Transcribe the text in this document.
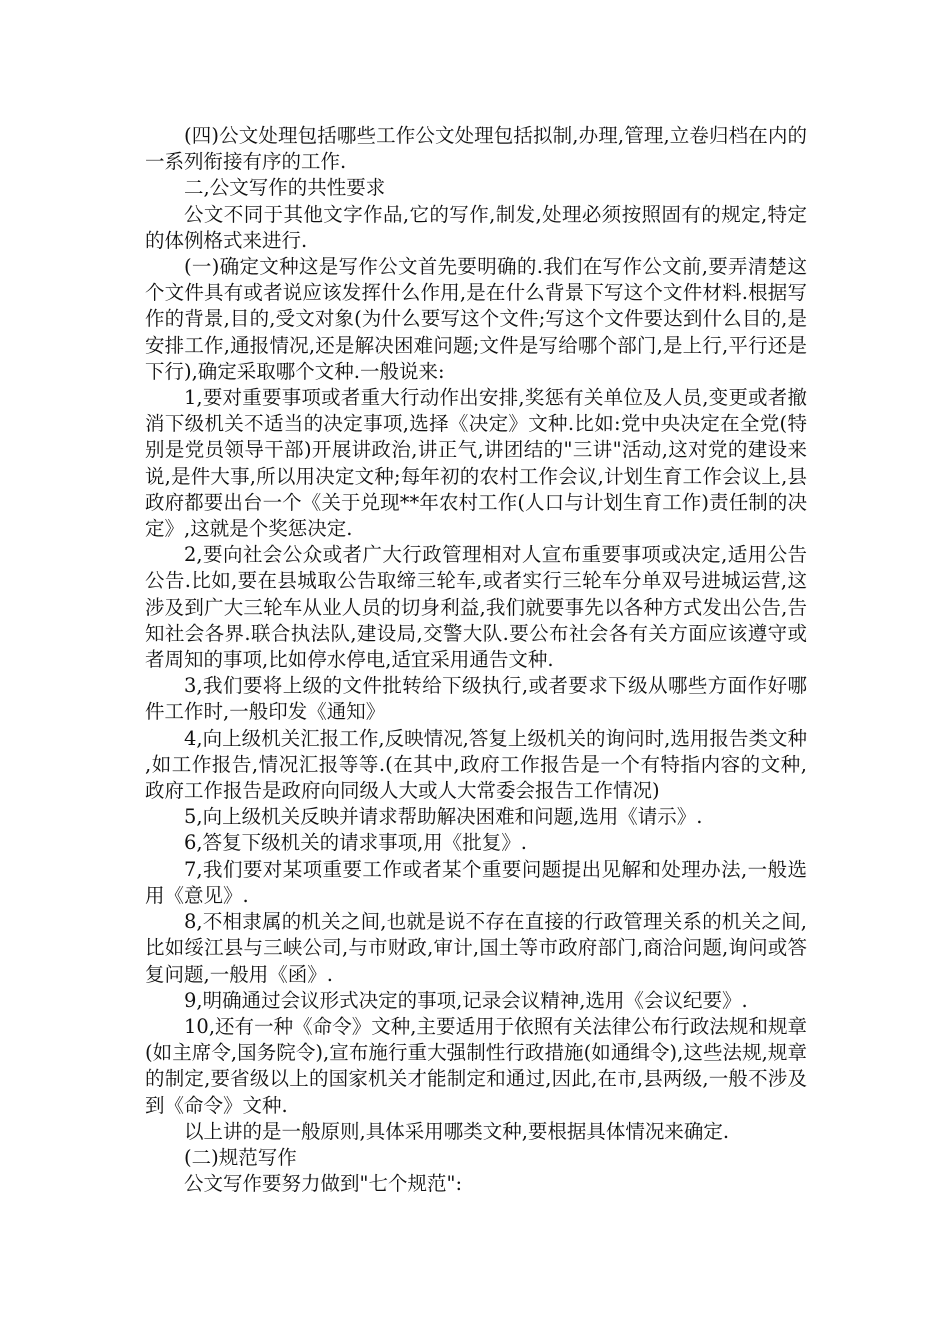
(四)公文处理包括哪些工作公文处理包括拟制,办理,管理,立卷归档在内的一系列衔接有序的工作.

二,公文写作的共性要求

公文不同于其他文字作品,它的写作,制发,处理必须按照固有的规定,特定的体例格式来进行.

(一)确定文种这是写作公文首先要明确的.我们在写作公文前,要弄清楚这个文件具有或者说应该发挥什么作用,是在什么背景下写这个文件材料.根据写作的背景,目的,受文对象(为什么要写这个文件;写这个文件要达到什么目的,是安排工作,通报情况,还是解决困难问题;文件是写给哪个部门,是上行,平行还是下行),确定采取哪个文种.一般说来:

1,要对重要事项或者重大行动作出安排,奖惩有关单位及人员,变更或者撤消下级机关不适当的决定事项,选择《决定》文种.比如:党中央决定在全党(特别是党员领导干部)开展讲政治,讲正气,讲团结的"三讲"活动,这对党的建设来说,是件大事,所以用决定文种;每年初的农村工作会议,计划生育工作会议上,县政府都要出台一个《关于兑现**年农村工作(人口与计划生育工作)责任制的决定》,这就是个奖惩决定.

2,要向社会公众或者广大行政管理相对人宣布重要事项或决定,适用公告公告.比如,要在县城取公告取缔三轮车,或者实行三轮车分单双号进城运营,这涉及到广大三轮车从业人员的切身利益,我们就要事先以各种方式发出公告,告知社会各界.联合执法队,建设局,交警大队.要公布社会各有关方面应该遵守或者周知的事项,比如停水停电,适宜采用通告文种.

3,我们要将上级的文件批转给下级执行,或者要求下级从哪些方面作好哪件工作时,一般印发《通知》

4,向上级机关汇报工作,反映情况,答复上级机关的询问时,选用报告类文种,如工作报告,情况汇报等等.(在其中,政府工作报告是一个有特指内容的文种,政府工作报告是政府向同级人大或人大常委会报告工作情况)

5,向上级机关反映并请求帮助解决困难和问题,选用《请示》.

6,答复下级机关的请求事项,用《批复》.

7,我们要对某项重要工作或者某个重要问题提出见解和处理办法,一般选用《意见》.

8,不相隶属的机关之间,也就是说不存在直接的行政管理关系的机关之间,比如绥江县与三峡公司,与市财政,审计,国土等市政府部门,商洽问题,询问或答复问题,一般用《函》.

9,明确通过会议形式决定的事项,记录会议精神,选用《会议纪要》.

10,还有一种《命令》文种,主要适用于依照有关法律公布行政法规和规章(如主席令,国务院令),宣布施行重大强制性行政措施(如通缉令),这些法规,规章的制定,要省级以上的国家机关才能制定和通过,因此,在市,县两级,一般不涉及到《命令》文种.

以上讲的是一般原则,具体采用哪类文种,要根据具体情况来确定.

(二)规范写作

公文写作要努力做到"七个规范":
